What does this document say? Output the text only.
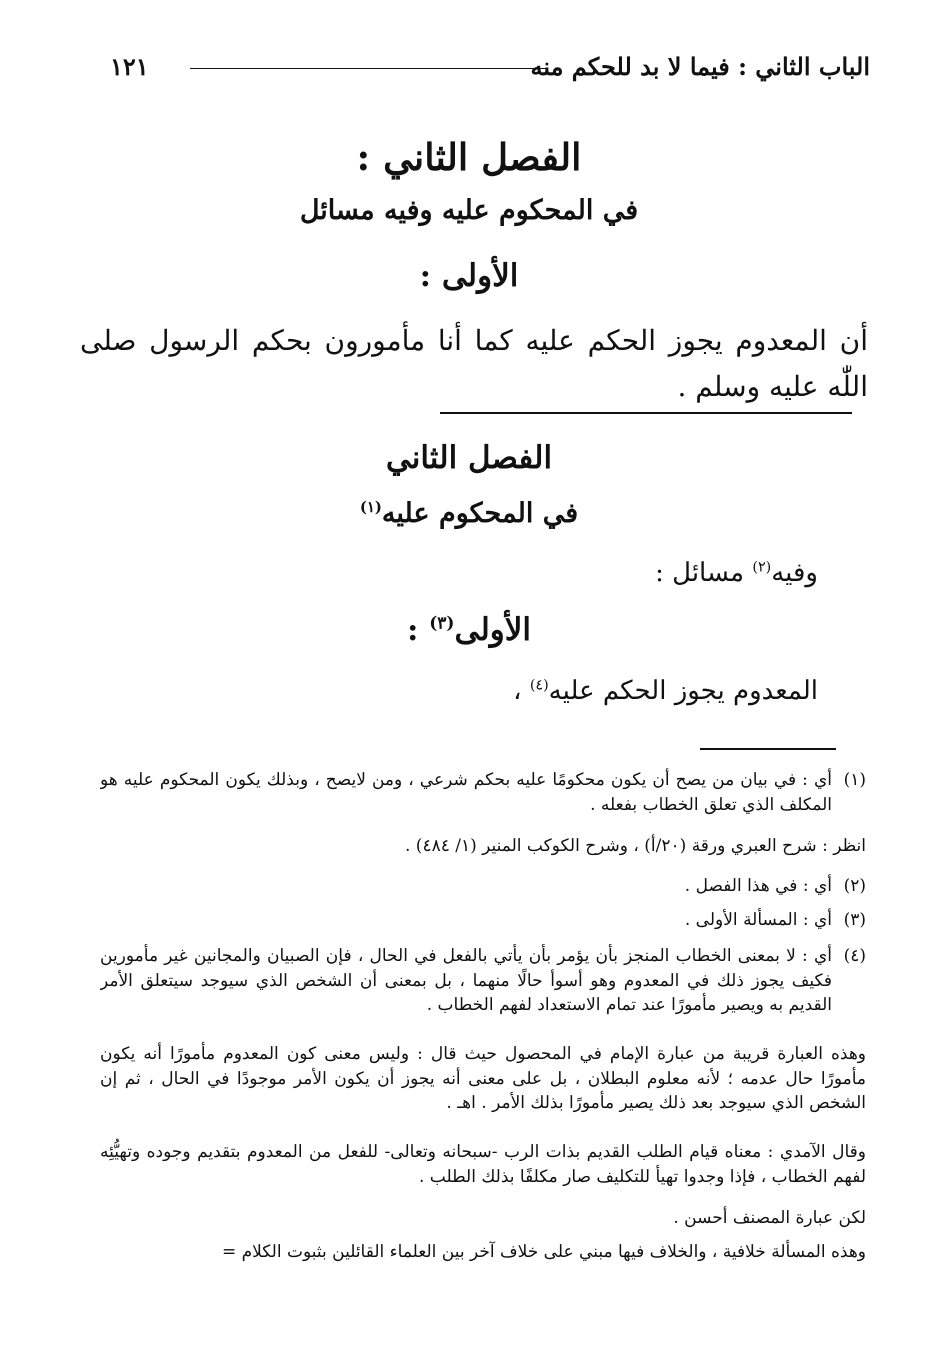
الباب الثاني : فيما لا بد للحكم منه
١٢١
الفصل الثاني :
في المحكوم عليه وفيه مسائل
الأولى :
أن المعدوم يجوز الحكم عليه كما أنا مأمورون بحكم الرسول صلى اللّٰه عليه وسلم .
الفصل الثاني
في المحكوم عليه$^{(١)}$
وفيه$^{(٢)}$ مسائل :
الأولى$^{(٣)}$ :
المعدوم يجوز الحكم عليه$^{(٤)}$ ،
(١)
أي : في بيان من يصح أن يكون محكومًا عليه بحكم شرعي ، ومن لايصح ، وبذلك يكون المحكوم عليه هو المكلف الذي تعلق الخطاب بفعله .
انظر : شرح العبري ورقة (٢٠/أ) ، وشرح الكوكب المنير (١/ ٤٨٤) .
(٢)
أي : في هذا الفصل .
(٣)
أي : المسألة الأولى .
(٤)
أي : لا بمعنى الخطاب المنجز بأن يؤمر بأن يأتي بالفعل في الحال ، فإن الصبيان والمجانين غير مأمورين فكيف يجوز ذلك في المعدوم وهو أسوأ حالًا منهما ، بل بمعنى أن الشخص الذي سيوجد سيتعلق الأمر القديم به ويصير مأمورًا عند تمام الاستعداد لفهم الخطاب .
وهذه العبارة قريبة من عبارة الإمام في المحصول حيث قال : وليس معنى كون المعدوم مأمورًا أنه يكون مأمورًا حال عدمه ؛ لأنه معلوم البطلان ، بل على معنى أنه يجوز أن يكون الأمر موجودًا في الحال ، ثم إن الشخص الذي سيوجد بعد ذلك يصير مأمورًا بذلك الأمر . اهـ .
وقال الآمدي : معناه قيام الطلب القديم بذات الرب -سبحانه وتعالى- للفعل من المعدوم بتقديم وجوده وتهيُّئِه لفهم الخطاب ، فإذا وجدوا تهيأ للتكليف صار مكلفًا بذلك الطلب .
لكن عبارة المصنف أحسن .
وهذه المسألة خلافية ، والخلاف فيها مبني على خلاف آخر بين العلماء القائلين بثبوت الكلام =
